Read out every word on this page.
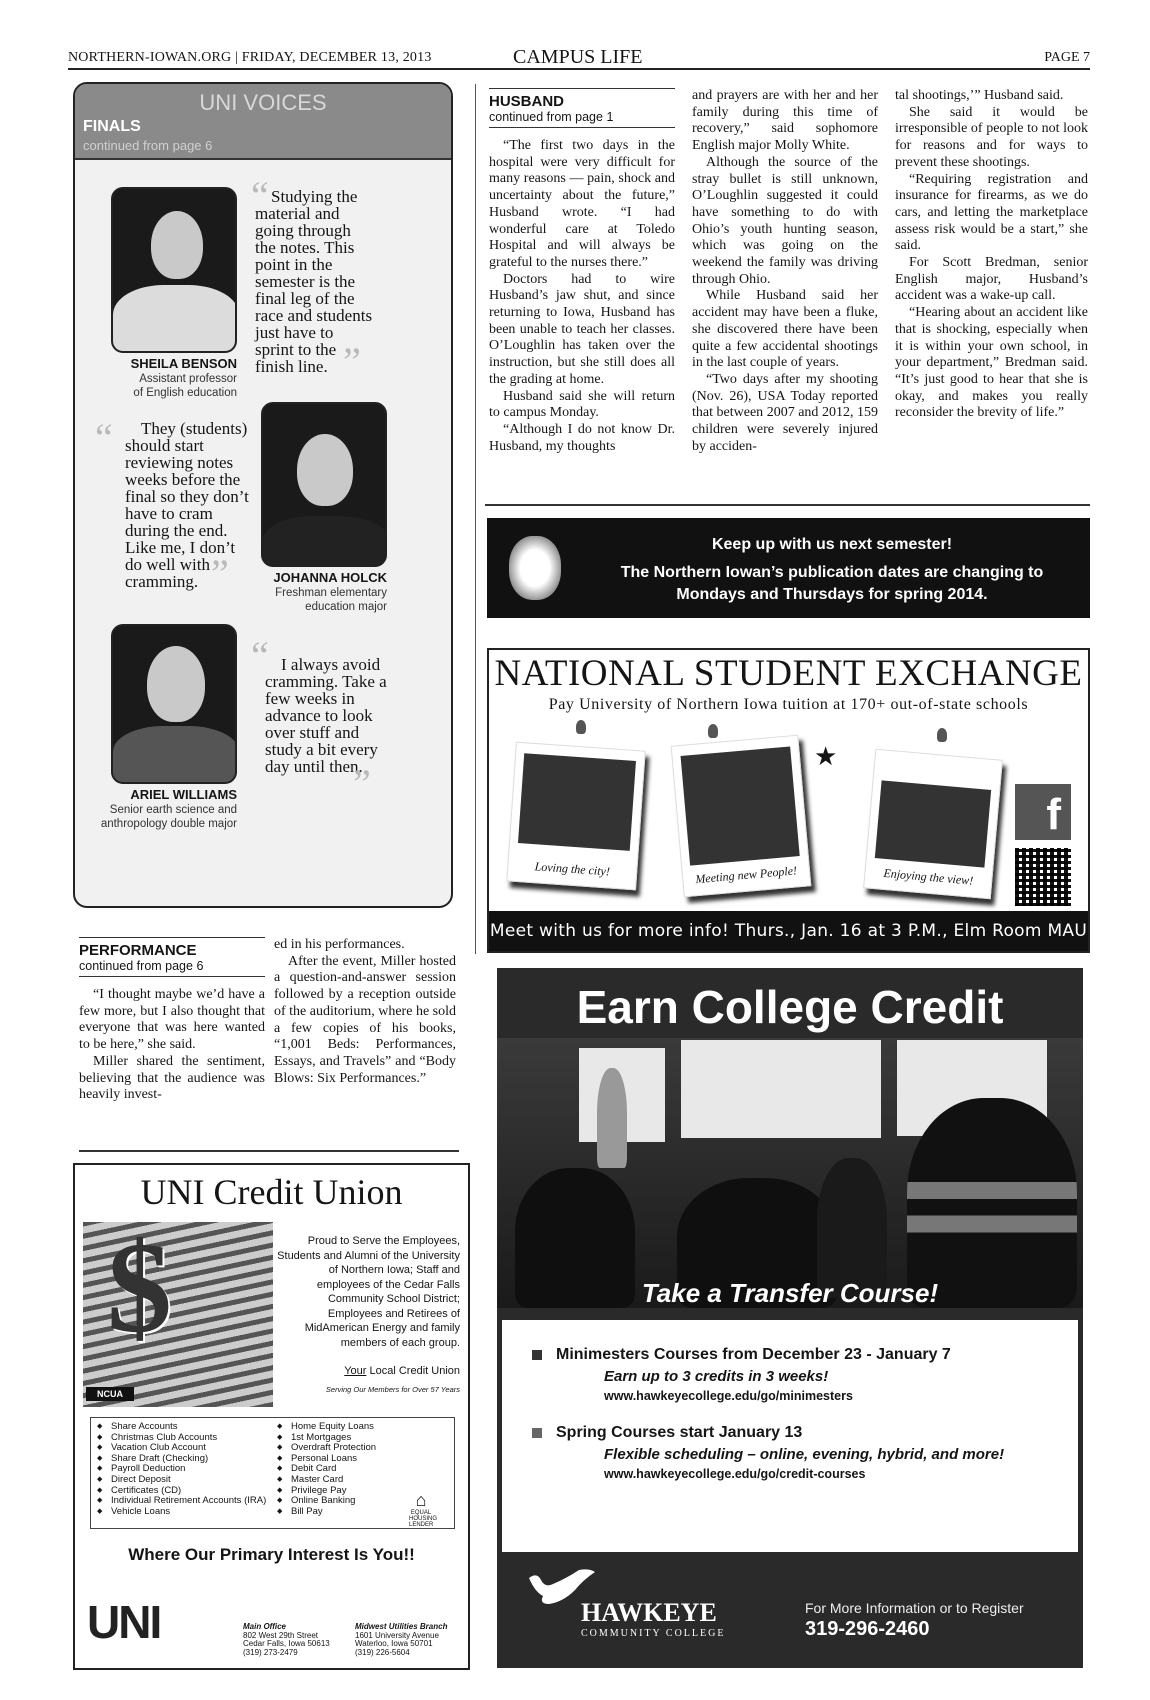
NORTHERN-IOWAN.ORG | FRIDAY, DECEMBER 13, 2013	CAMPUS LIFE	PAGE 7
UNI VOICES
FINALS
continued from page 6
SHEILA BENSON
Assistant professor
of English education
“ Studying the material and going through the notes. This point in the semester is the final leg of the race and students just have to sprint to the finish line. ”
“	They (students) should start reviewing notes weeks before the final so they don’t have to cram during the end. Like me, I don’t do well with cramming. ”	JOHANNA HOLCK
Freshman elementary
education major
ARIEL WILLIAMS
Senior earth science and
anthropology double major
“ I always avoid cramming. Take a few weeks in advance to look over stuff and study a bit every day until then.
”
HUSBAND
continued from page 1

“The first two days in the hospital were very difficult for many reasons — pain, shock and uncertainty about the future,” Husband wrote. “I had wonderful care at Toledo Hospital and will always be grateful to the nurses there.”

Doctors had to wire Husband’s jaw shut, and since returning to Iowa, Husband has been unable to teach her classes. O’Loughlin has taken over the instruction, but she still does all the grading at home.

Husband said she will return to campus Monday.

“Although I do not know Dr. Husband, my thoughts

and prayers are with her and her family during this time of recovery,” said sophomore English major Molly White.

Although the source of the stray bullet is still unknown, O’Loughlin suggested it could have something to do with Ohio’s youth hunting season, which was going on the weekend the family was driving through Ohio.

While Husband said her accident may have been a fluke, she discovered there have been quite a few accidental shootings in the last couple of years.

“Two days after my shooting (Nov. 26), USA Today reported that between 2007 and 2012, 159 children were severely injured by acciden-

tal shootings,’” Husband said.

She said it would be irresponsible of people to not look for reasons and for ways to prevent these shootings.

“Requiring registration and insurance for firearms, as we do cars, and letting the marketplace assess risk would be a start,” she said.

For Scott Bredman, senior English major, Husband’s accident was a wake-up call.

“Hearing about an accident like that is shocking, especially when it is within your own school, in your department,” Bredman said. “It’s just good to hear that she is okay, and makes you really reconsider the brevity of life.”

Keep up with us next semester!
The Northern Iowan’s publication dates are changing to Mondays and Thursdays for spring 2014.
NATIONAL STUDENT EXCHANGE
Pay University of Northern Iowa tuition at 170+ out-of-state schools
Loving the city!	Meeting new People!
★
Enjoying the view!
f
Meet with us for more info! Thurs., Jan. 16 at 3 P.M., Elm Room MAU
PERFORMANCE
continued from page 6

“I thought maybe we’d have a few more, but I also thought that everyone that was here wanted to be here,” she said.

Miller shared the sentiment, believing that the audience was heavily invest-

ed in his performances.

After the event, Miller hosted a question-and-answer session followed by a reception outside of the auditorium, where he sold a few copies of his books, “1,001 Beds: Performances, Essays, and Travels” and “Body Blows: Six Performances.”

UNI Credit Union
$
NCUA
Proud to Serve the Employees, Students and Alumni of the University of Northern Iowa; Staff and employees of the Cedar Falls Community School District; Employees and Retirees of MidAmerican Energy and family members of each group.
Your Local Credit Union
Serving Our Members for Over 57 Years
◆ Share Accounts
◆ Christmas Club Accounts
◆ Vacation Club Account
◆ Share Draft (Checking)
◆ Payroll Deduction
◆ Direct Deposit
◆ Certificates (CD)
◆ Individual Retirement Accounts (IRA)
◆ Vehicle Loans
◆ Home Equity Loans
◆ 1st Mortgages
◆ Overdraft Protection
◆ Personal Loans
◆ Debit Card
◆ Master Card
◆ Privilege Pay
◆ Online Banking
◆ Bill Pay
⌂
EQUAL HOUSING LENDER
Where Our Primary Interest Is You!!
UNI	Main Office
802 West 29th Street
Cedar Falls, Iowa 50613
(319) 273-2479
Midwest Utilities Branch
1601 University Avenue
Waterloo, Iowa 50701
(319) 226-5604
Earn College Credit
Take a Transfer Course!
Minimesters Courses from December 23 - January 7
Earn up to 3 credits in 3 weeks!
www.hawkeyecollege.edu/go/minimesters
Spring Courses start January 13
Flexible scheduling – online, evening, hybrid, and more!
www.hawkeyecollege.edu/go/credit-courses
HAWKEYE
COMMUNITY COLLEGE
For More Information or to Register
319-296-2460
